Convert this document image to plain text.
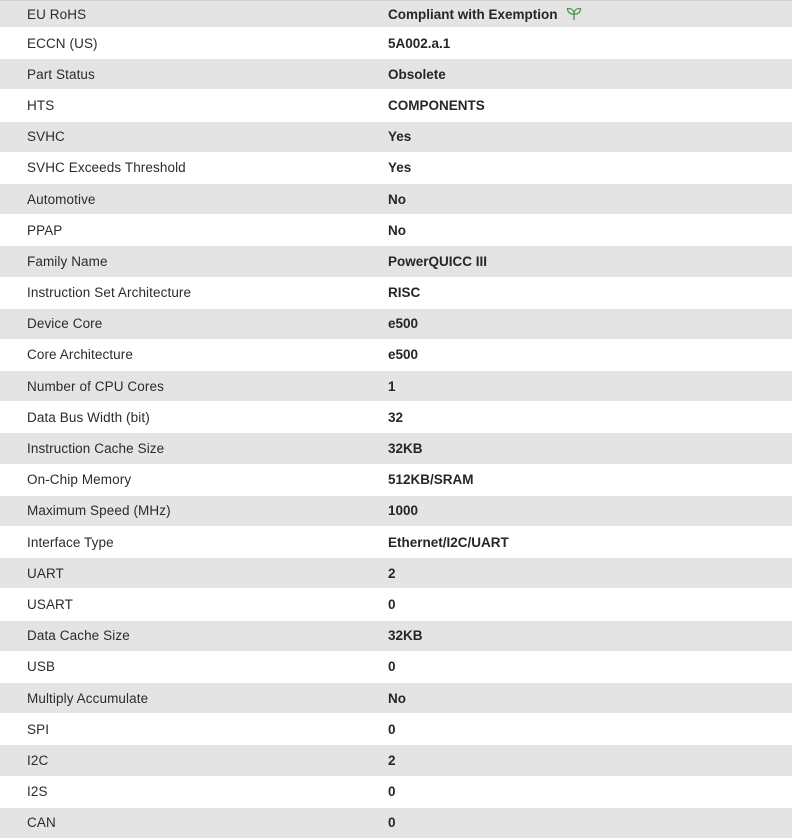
EU RoHS	Compliant with Exemption
ECCN (US)	5A002.a.1
Part Status	Obsolete
HTS	COMPONENTS
SVHC	Yes
SVHC Exceeds Threshold	Yes
Automotive	No
PPAP	No
Family Name	PowerQUICC III
Instruction Set Architecture	RISC
Device Core	e500
Core Architecture	e500
Number of CPU Cores	1
Data Bus Width (bit)	32
Instruction Cache Size	32KB
On-Chip Memory	512KB/SRAM
Maximum Speed (MHz)	1000
Interface Type	Ethernet/I2C/UART
UART	2
USART	0
Data Cache Size	32KB
USB	0
Multiply Accumulate	No
SPI	0
I2C	2
I2S	0
CAN	0
